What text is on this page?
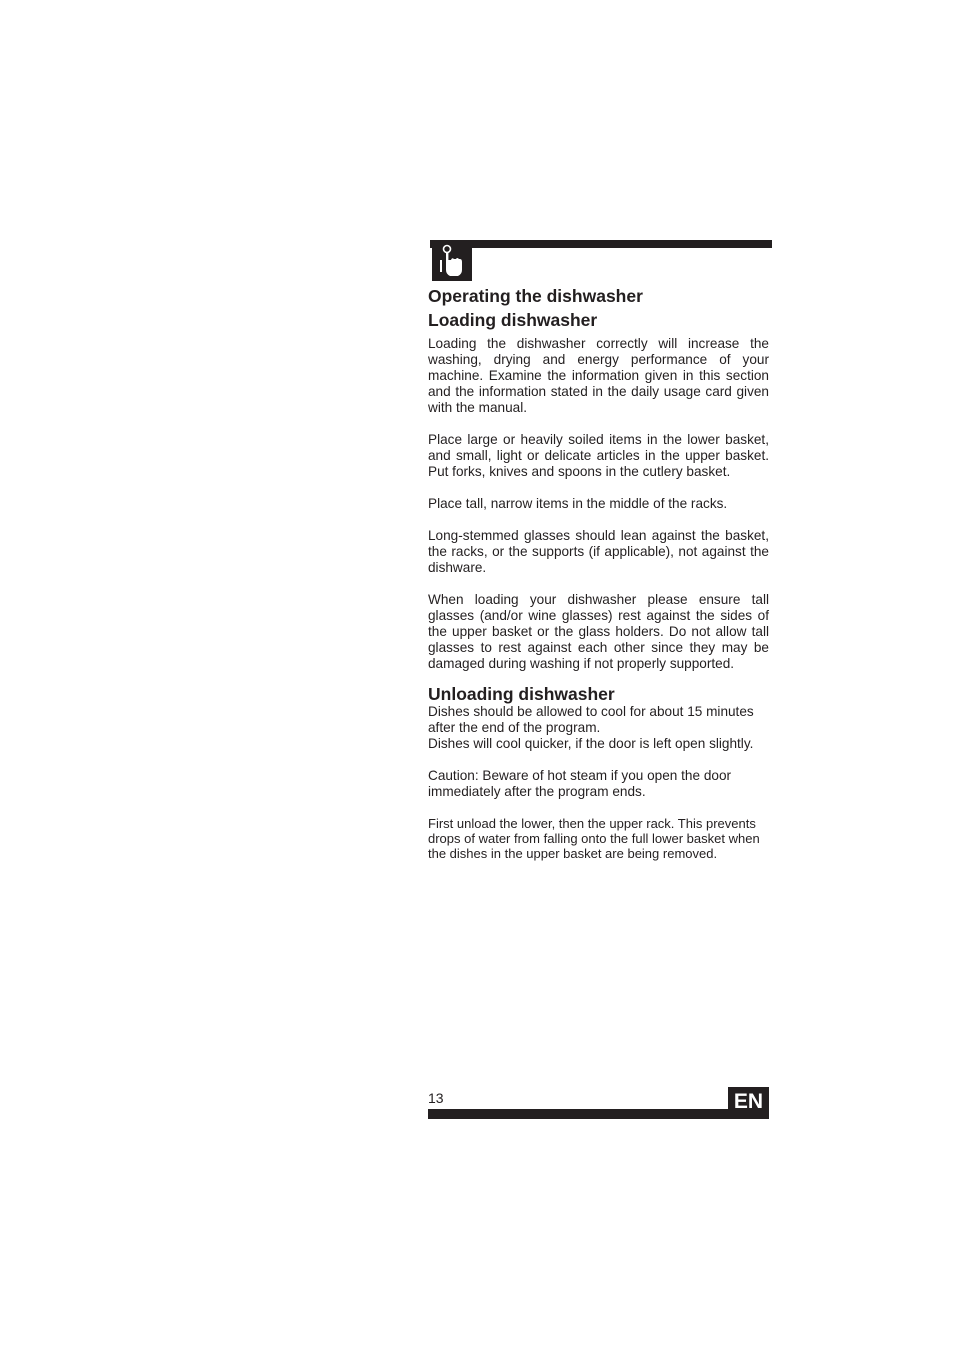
Operating the dishwasher
Loading dishwasher

Loading the dishwasher correctly will increase the washing, drying and energy performance of your machine. Examine the information given in this section and the information stated in the daily usage card given with the manual.

Place large or heavily soiled items in the lower basket, and small, light or delicate articles in the upper basket. Put forks, knives and spoons in the cutlery basket.

Place tall, narrow items in the middle of the racks.

Long-stemmed glasses should lean against the basket, the racks, or the supports (if applicable), not against the dishware.

When loading your dishwasher please ensure tall glasses (and/or wine glasses) rest against the sides of the upper basket or the glass holders. Do not allow tall glasses to rest against each other since they may be damaged during washing if not properly supported.

Unloading dishwasher

Dishes should be allowed to cool for about 15 minutes after the end of the program.

Dishes will cool quicker, if the door is left open slightly.

Caution: Beware of hot steam if you open the door immediately after the program ends.

First unload the lower, then the upper rack. This prevents drops of water from falling onto the full lower basket when the dishes in the upper basket are being removed.

13	EN
